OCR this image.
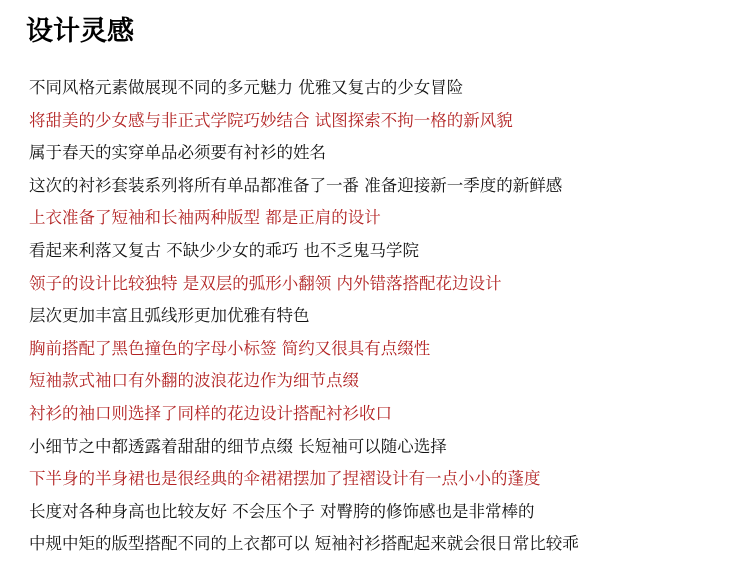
设计灵感
不同风格元素做展现不同的多元魅力 优雅又复古的少女冒险
将甜美的少女感与非正式学院巧妙结合 试图探索不拘一格的新风貌
属于春天的实穿单品必须要有衬衫的姓名
这次的衬衫套装系列将所有单品都准备了一番 准备迎接新一季度的新鲜感
上衣准备了短袖和长袖两种版型 都是正肩的设计
看起来利落又复古 不缺少少女的乖巧 也不乏鬼马学院
领子的设计比较独特 是双层的弧形小翻领 内外错落搭配花边设计
层次更加丰富且弧线形更加优雅有特色
胸前搭配了黑色撞色的字母小标签 简约又很具有点缀性
短袖款式袖口有外翻的波浪花边作为细节点缀
衬衫的袖口则选择了同样的花边设计搭配衬衫收口
小细节之中都透露着甜甜的细节点缀 长短袖可以随心选择
下半身的半身裙也是很经典的伞裙裙摆加了捏褶设计有一点小小的蓬度
长度对各种身高也比较友好 不会压个子 对臀胯的修饰感也是非常棒的
中规中矩的版型搭配不同的上衣都可以 短袖衬衫搭配起来就会很日常比较乖
